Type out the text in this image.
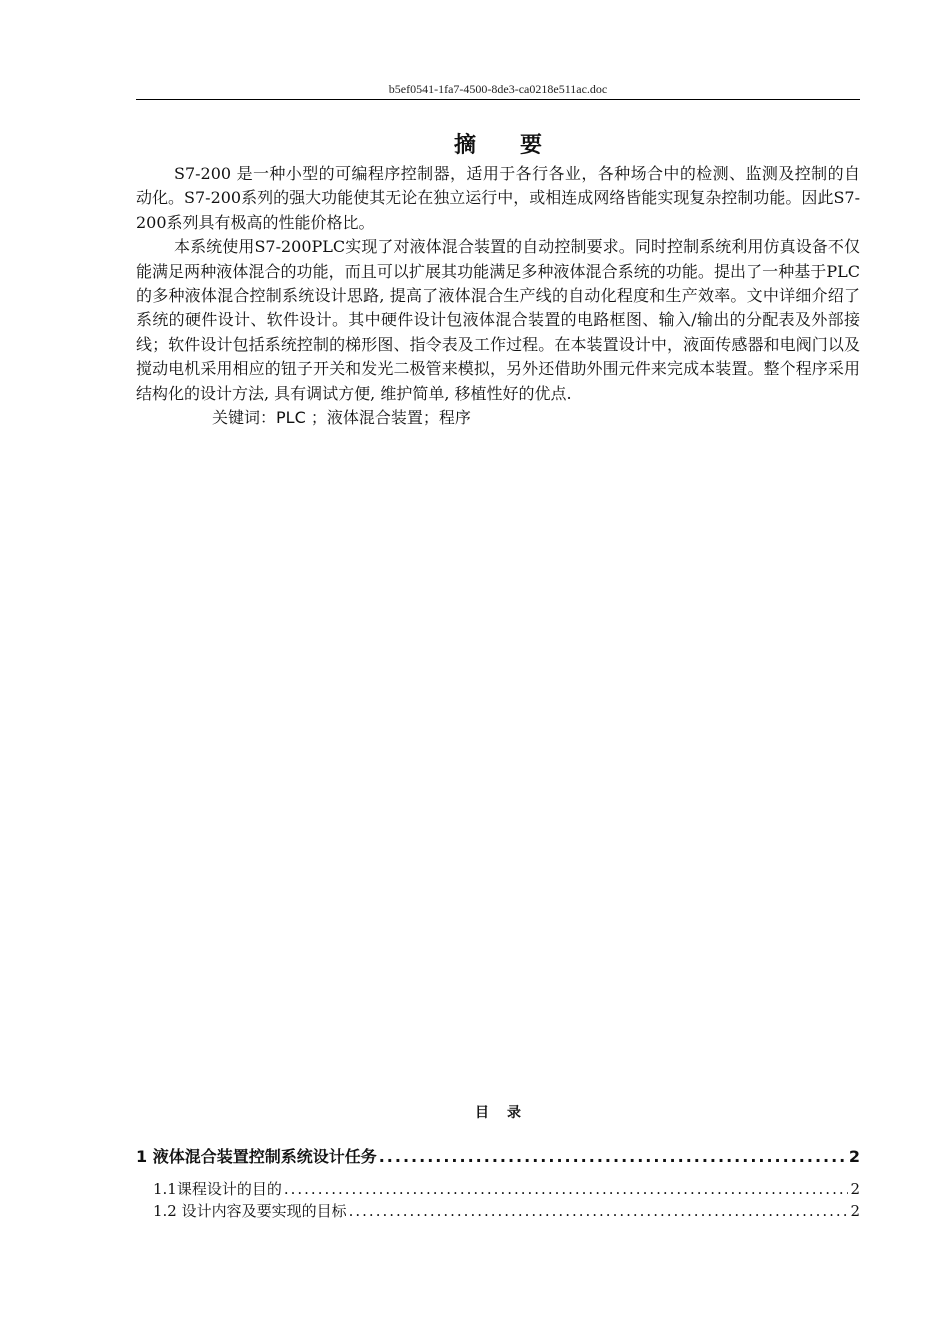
b5ef0541-1fa7-4500-8de3-ca0218e511ac.doc
摘要

S7-200 是一种小型的可编程序控制器，适用于各行各业，各种场合中的检测、监测及控制的自动化。S7-200系列的强大功能使其无论在独立运行中，或相连成网络皆能实现复杂控制功能。因此S7-200系列具有极高的性能价格比。

本系统使用S7-200PLC实现了对液体混合装置的自动控制要求。同时控制系统利用仿真设备不仅能满足两种液体混合的功能，而且可以扩展其功能满足多种液体混合系统的功能。提出了一种基于PLC 的多种液体混合控制系统设计思路, 提高了液体混合生产线的自动化程度和生产效率。文中详细介绍了系统的硬件设计、软件设计。其中硬件设计包液体混合装置的电路框图、输入/输出的分配表及外部接线；软件设计包括系统控制的梯形图、指令表及工作过程。在本装置设计中，液面传感器和电阀门以及搅动电机采用相应的钮子开关和发光二极管来模拟，另外还借助外围元件来完成本装置。整个程序采用结构化的设计方法, 具有调试方便, 维护简单, 移植性好的优点.

关键词：PLC ；液体混合装置；程序

目录
1 液体混合装置控制系统设计任务 .....	2
1.1课程设计的目的 .....	2
1.2 设计内容及要实现的目标 .....	2
